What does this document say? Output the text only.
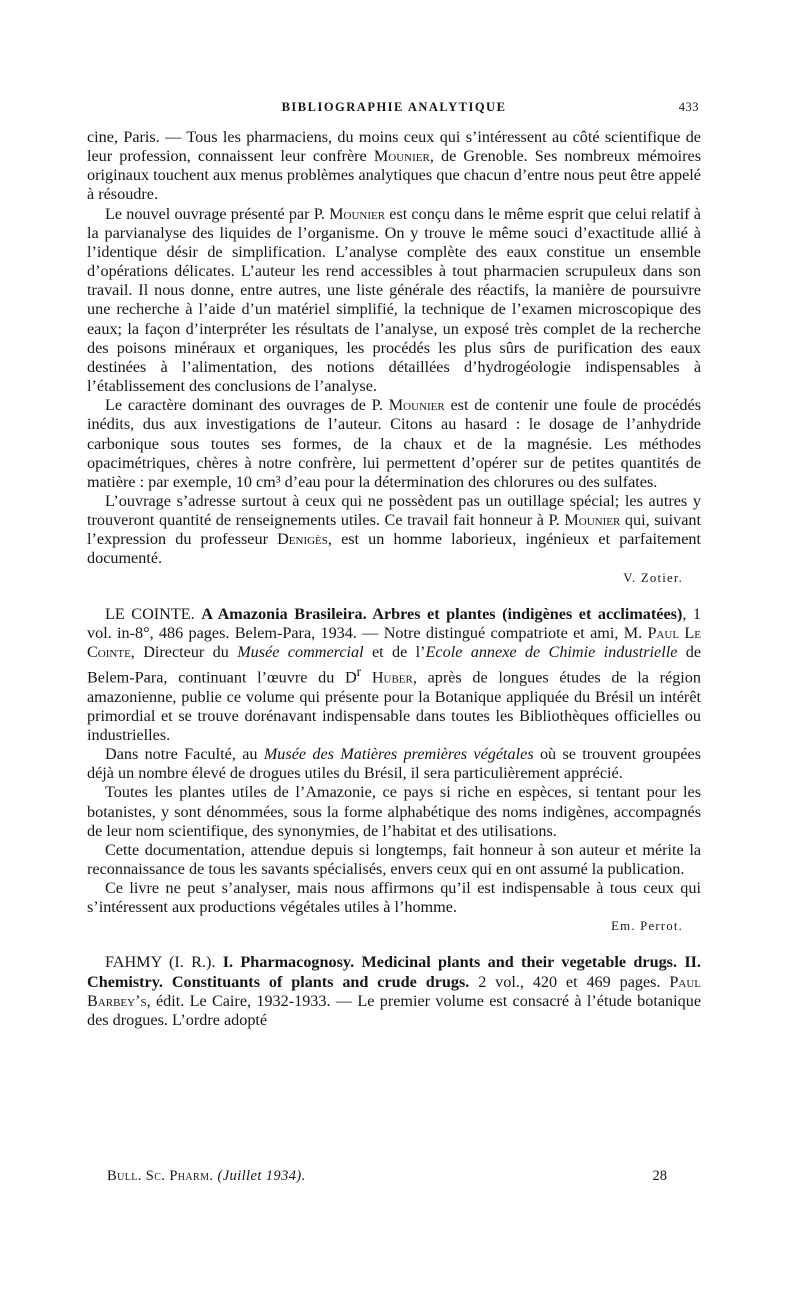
BIBLIOGRAPHIE ANALYTIQUE	433

cine, Paris. — Tous les pharmaciens, du moins ceux qui s’intéressent au côté scientifique de leur profession, connaissent leur confrère Mounier, de Grenoble. Ses nombreux mémoires originaux touchent aux menus problèmes analytiques que chacun d’entre nous peut être appelé à résoudre.

Le nouvel ouvrage présenté par P. Mounier est conçu dans le même esprit que celui relatif à la parvianalyse des liquides de l’organisme. On y trouve le même souci d’exactitude allié à l’identique désir de simplification. L’analyse complète des eaux constitue un ensemble d’opérations délicates. L’auteur les rend accessibles à tout pharmacien scrupuleux dans son travail. Il nous donne, entre autres, une liste générale des réactifs, la manière de poursuivre une recherche à l’aide d’un matériel simplifié, la technique de l’examen microscopique des eaux; la façon d’interpréter les résultats de l’analyse, un exposé très complet de la recherche des poisons minéraux et organiques, les procédés les plus sûrs de purification des eaux destinées à l’alimentation, des notions détaillées d’hydrogéologie indispensables à l’établissement des conclusions de l’analyse.

Le caractère dominant des ouvrages de P. Mounier est de contenir une foule de procédés inédits, dus aux investigations de l’auteur. Citons au hasard : le dosage de l’anhydride carbonique sous toutes ses formes, de la chaux et de la magnésie. Les méthodes opacimétriques, chères à notre confrère, lui permettent d’opérer sur de petites quantités de matière : par exemple, 10 cm³ d’eau pour la détermination des chlorures ou des sulfates.

L’ouvrage s’adresse surtout à ceux qui ne possèdent pas un outillage spécial; les autres y trouveront quantité de renseignements utiles. Ce travail fait honneur à P. Mounier qui, suivant l’expression du professeur Denigès, est un homme laborieux, ingénieux et parfaitement documenté.

V. Zotier.

LE COINTE. A Amazonia Brasileira. Arbres et plantes (indigènes et acclimatées), 1 vol. in-8°, 486 pages. Belem-Para, 1934. — Notre distingué compatriote et ami, M. Paul Le Cointe, Directeur du Musée commercial et de l’Ecole annexe de Chimie industrielle de Belem-Para, continuant l’œuvre du $D^r$ Huber, après de longues études de la région amazonienne, publie ce volume qui présente pour la Botanique appliquée du Brésil un intérêt primordial et se trouve dorénavant indispensable dans toutes les Bibliothèques officielles ou industrielles.

Dans notre Faculté, au Musée des Matières premières végétales où se trouvent groupées déjà un nombre élevé de drogues utiles du Brésil, il sera particulièrement apprécié.

Toutes les plantes utiles de l’Amazonie, ce pays si riche en espèces, si tentant pour les botanistes, y sont dénommées, sous la forme alphabétique des noms indigènes, accompagnés de leur nom scientifique, des synonymies, de l’habitat et des utilisations.

Cette documentation, attendue depuis si longtemps, fait honneur à son auteur et mérite la reconnaissance de tous les savants spécialisés, envers ceux qui en ont assumé la publication.

Ce livre ne peut s’analyser, mais nous affirmons qu’il est indispensable à tous ceux qui s’intéressent aux productions végétales utiles à l’homme.

Em. Perrot.

FAHMY (I. R.). I. Pharmacognosy. Medicinal plants and their vegetable drugs. II. Chemistry. Constituants of plants and crude drugs. 2 vol., 420 et 469 pages. Paul Barbey’s, édit. Le Caire, 1932-1933. — Le premier volume est consacré à l’étude botanique des drogues. L’ordre adopté

Bull. Sc. Pharm. (Juillet 1934).	28
